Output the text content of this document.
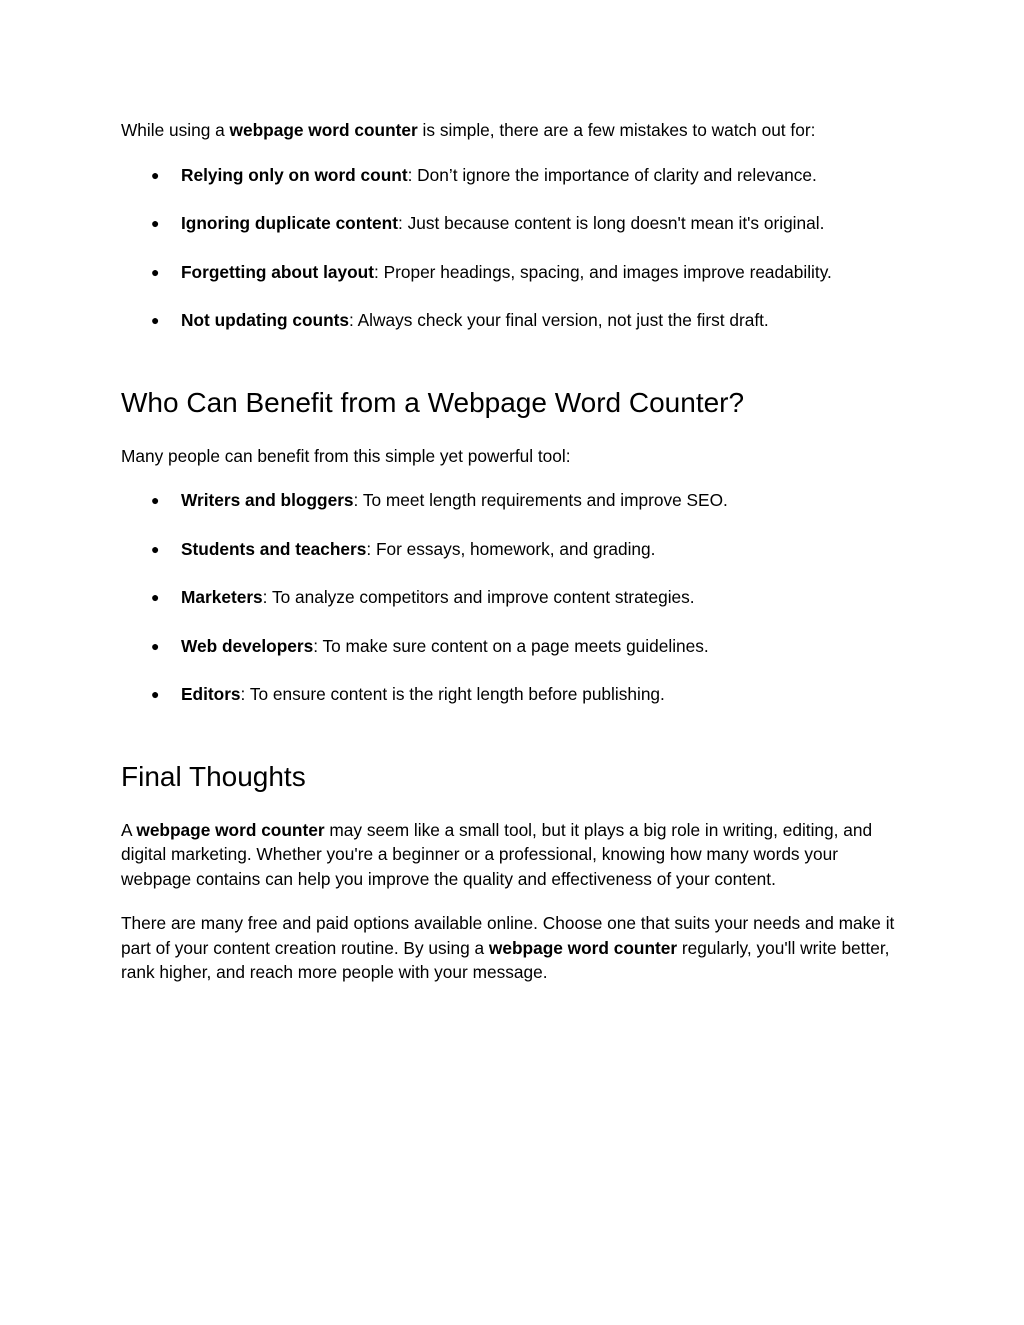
While using a webpage word counter is simple, there are a few mistakes to watch out for:

● Relying only on word count: Don’t ignore the importance of clarity and relevance.
● Ignoring duplicate content: Just because content is long doesn't mean it's original.
● Forgetting about layout: Proper headings, spacing, and images improve readability.
● Not updating counts: Always check your final version, not just the first draft.
Who Can Benefit from a Webpage Word Counter?

Many people can benefit from this simple yet powerful tool:

● Writers and bloggers: To meet length requirements and improve SEO.
● Students and teachers: For essays, homework, and grading.
● Marketers: To analyze competitors and improve content strategies.
● Web developers: To make sure content on a page meets guidelines.
● Editors: To ensure content is the right length before publishing.
Final Thoughts

A webpage word counter may seem like a small tool, but it plays a big role in writing, editing, and digital marketing. Whether you're a beginner or a professional, knowing how many words your webpage contains can help you improve the quality and effectiveness of your content.

There are many free and paid options available online. Choose one that suits your needs and make it part of your content creation routine. By using a webpage word counter regularly, you'll write better, rank higher, and reach more people with your message.
